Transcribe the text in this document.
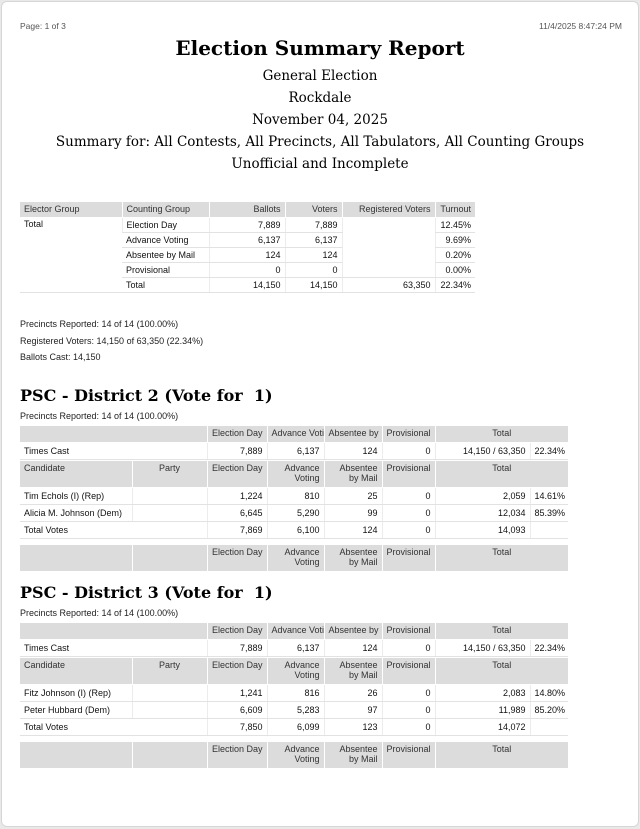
Page: 1 of 3	11/4/2025 8:47:24 PM
Election Summary Report
General Election
Rockdale
November 04, 2025
Summary for: All Contests, All Precincts, All Tabulators, All Counting Groups
Unofficial and Incomplete
Elector Group	Counting Group	Ballots	Voters	Registered Voters	Turnout
Total	Election Day	7,889	7,889		12.45%
	Advance Voting	6,137	6,137		9.69%
	Absentee by Mail	124	124		0.20%
	Provisional	0	0		0.00%
	Total	14,150	14,150	63,350	22.34%
Precincts Reported: 14 of 14 (100.00%)
Registered Voters: 14,150 of 63,350 (22.34%)
Ballots Cast: 14,150
PSC - District 2 (Vote for  1)
Precincts Reported: 14 of 14 (100.00%)
	Election Day	Advance Voti	Absentee by	Provisional	Total	
Times Cast	7,889	6,137	124	0	14,150 / 63,350	22.34%
Candidate	Party	Election Day	Advance Voting	Absentee by Mail	Provisional	Total	
Tim Echols (I) (Rep)		1,224	810	25	0	2,059	14.61%
Alicia M. Johnson (Dem)		6,645	5,290	99	0	12,034	85.39%
Total Votes		7,869	6,100	124	0	14,093	
		Election Day	Advance Voting	Absentee by Mail	Provisional	Total
PSC - District 3 (Vote for  1)
Precincts Reported: 14 of 14 (100.00%)
	Election Day	Advance Voti	Absentee by	Provisional	Total	
Times Cast	7,889	6,137	124	0	14,150 / 63,350	22.34%
Candidate	Party	Election Day	Advance Voting	Absentee by Mail	Provisional	Total	
Fitz Johnson (I) (Rep)		1,241	816	26	0	2,083	14.80%
Peter Hubbard (Dem)		6,609	5,283	97	0	11,989	85.20%
Total Votes		7,850	6,099	123	0	14,072	
		Election Day	Advance Voting	Absentee by Mail	Provisional	Total
